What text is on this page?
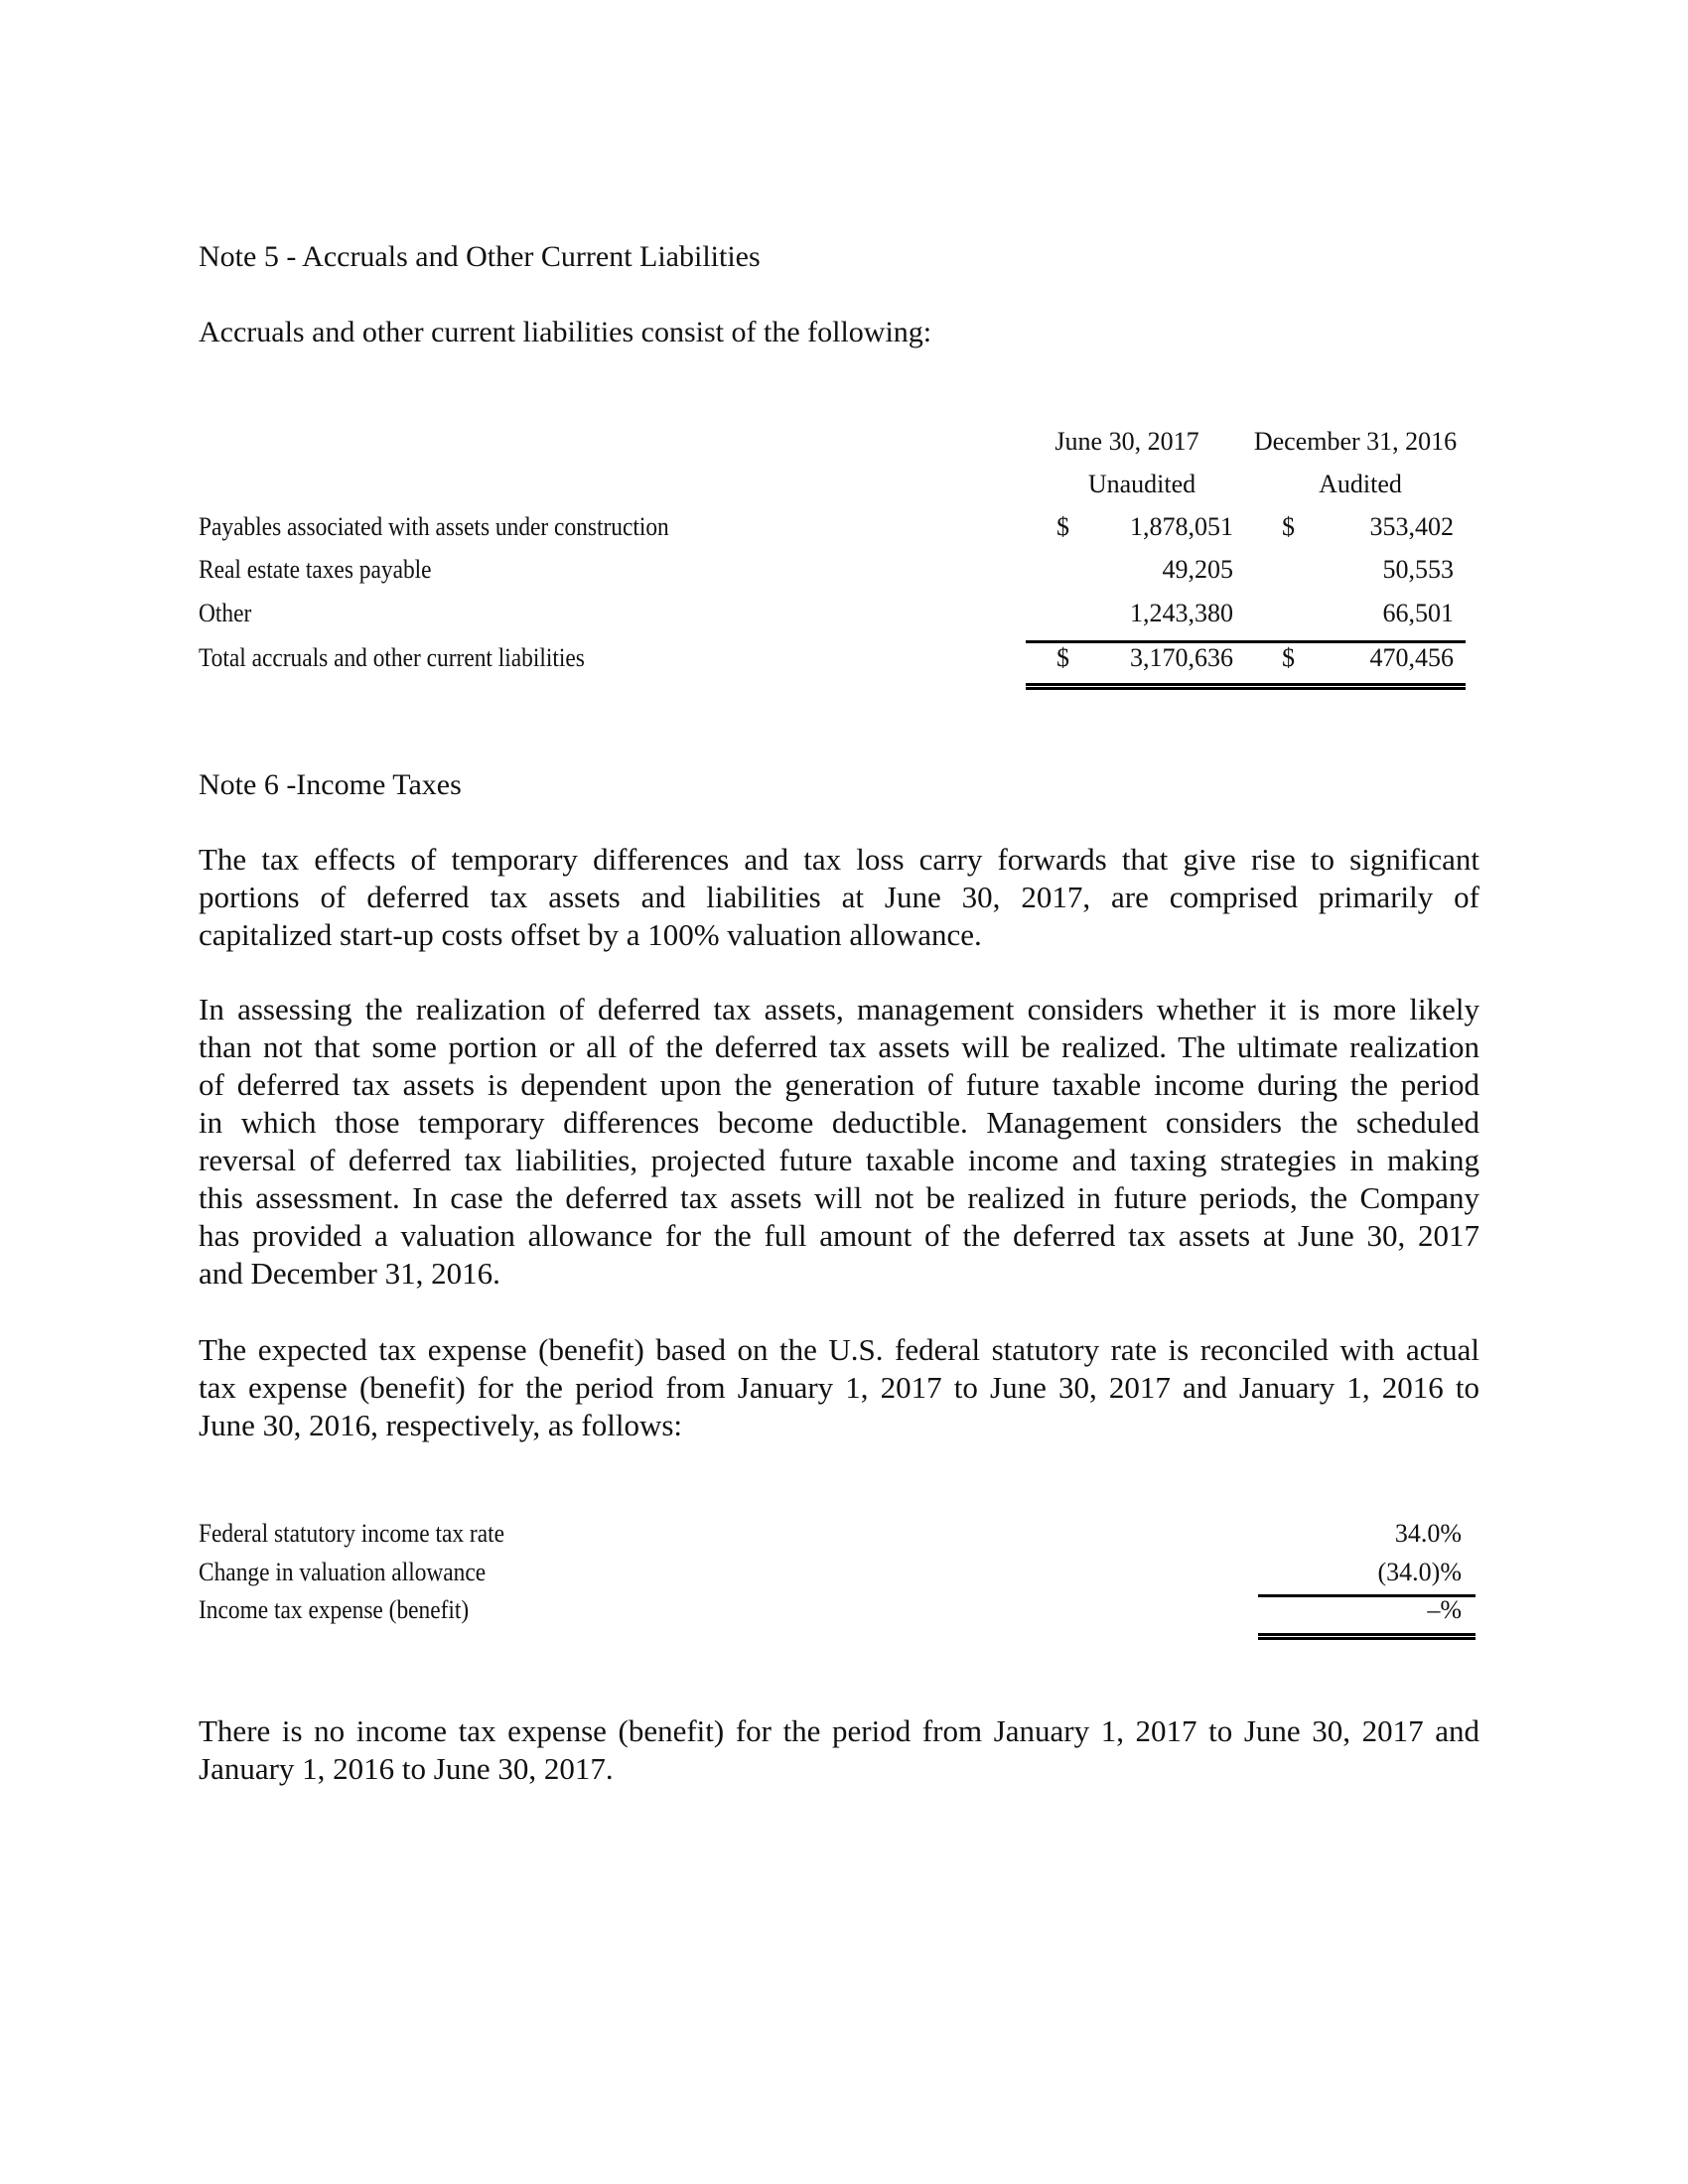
Note 5 - Accruals and Other Current Liabilities
Accruals and other current liabilities consist of the following:
June 30, 2017	December 31, 2016
Unaudited	Audited
Payables associated with assets under construction	$	1,878,051 $	353,402
Real estate taxes payable	49,205	50,553
Other	1,243,380	66,501
Total accruals and other current liabilities	$	3,170,636 $	470,456
Note 6 -Income Taxes
The tax effects of temporary differences and tax loss carry forwards that give rise to significant
portions of deferred tax assets and liabilities at June 30, 2017, are comprised primarily of
capitalized start-up costs offset by a 100% valuation allowance.
In assessing the realization of deferred tax assets, management considers whether it is more likely
than not that some portion or all of the deferred tax assets will be realized. The ultimate realization
of deferred tax assets is dependent upon the generation of future taxable income during the period
in which those temporary differences become deductible. Management considers the scheduled
reversal of deferred tax liabilities, projected future taxable income and taxing strategies in making
this assessment. In case the deferred tax assets will not be realized in future periods, the Company
has provided a valuation allowance for the full amount of the deferred tax assets at June 30, 2017
and December 31, 2016.
The expected tax expense (benefit) based on the U.S. federal statutory rate is reconciled with actual
tax expense (benefit) for the period from January 1, 2017 to June 30, 2017 and January 1, 2016 to
June 30, 2016, respectively, as follows:
Federal statutory income tax rate	34.0%
Change in valuation allowance	(34.0)%
Income tax expense (benefit)	–%
There is no income tax expense (benefit) for the period from January 1, 2017 to June 30, 2017 and
January 1, 2016 to June 30, 2017.
